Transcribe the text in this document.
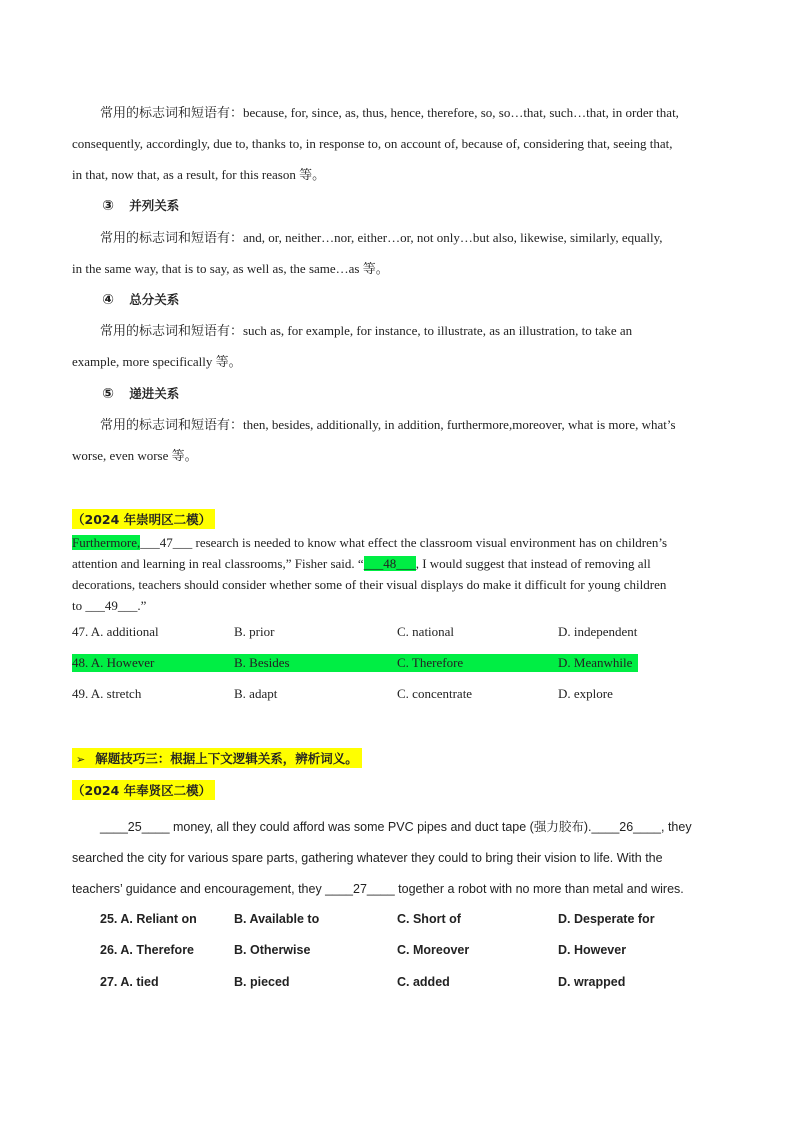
常用的标志词和短语有：because, for, since, as, thus, hence, therefore, so, so…that, such…that, in order that,
consequently, accordingly, due to, thanks to, in response to, on account of, because of, considering that, seeing that,
in that, now that, as a result, for this reason 等。
③ 并列关系
常用的标志词和短语有：and, or, neither…nor, either…or, not only…but also, likewise, similarly, equally,
in the same way, that is to say, as well as, the same…as 等。
④ 总分关系
常用的标志词和短语有：such as, for example, for instance, to illustrate, as an illustration, to take an
example, more specifically 等。
⑤ 递进关系
常用的标志词和短语有：then, besides, additionally, in addition, furthermore,moreover, what is more, what’s
worse, even worse 等。
（2024 年崇明区二模）
Furthermore,___47___ research is needed to know what effect the classroom visual environment has on children’s
attention and learning in real classrooms,” Fisher said. “___48___, I would suggest that instead of removing all
decorations, teachers should consider whether some of their visual displays do make it difficult for young children
to ___49___.”
47. A. additional	B. prior	C. national	D. independent
48. A. However	B. Besides	C. Therefore	D. Meanwhile
49. A. stretch	B. adapt	C. concentrate	D. explore
➢ 解题技巧三：根据上下文逻辑关系，辨析词义。
（2024 年奉贤区二模）
____25____ money, all they could afford was some PVC pipes and duct tape (强力胶布).____26____, they
searched the city for various spare parts, gathering whatever they could to bring their vision to life. With the
teachers’ guidance and encouragement, they ____27____ together a robot with no more than metal and wires.
25. A. Reliant on	B. Available to	C. Short of	D. Desperate for
26. A. Therefore	B. Otherwise	C. Moreover	D. However
27. A. tied	B. pieced	C. added	D. wrapped
